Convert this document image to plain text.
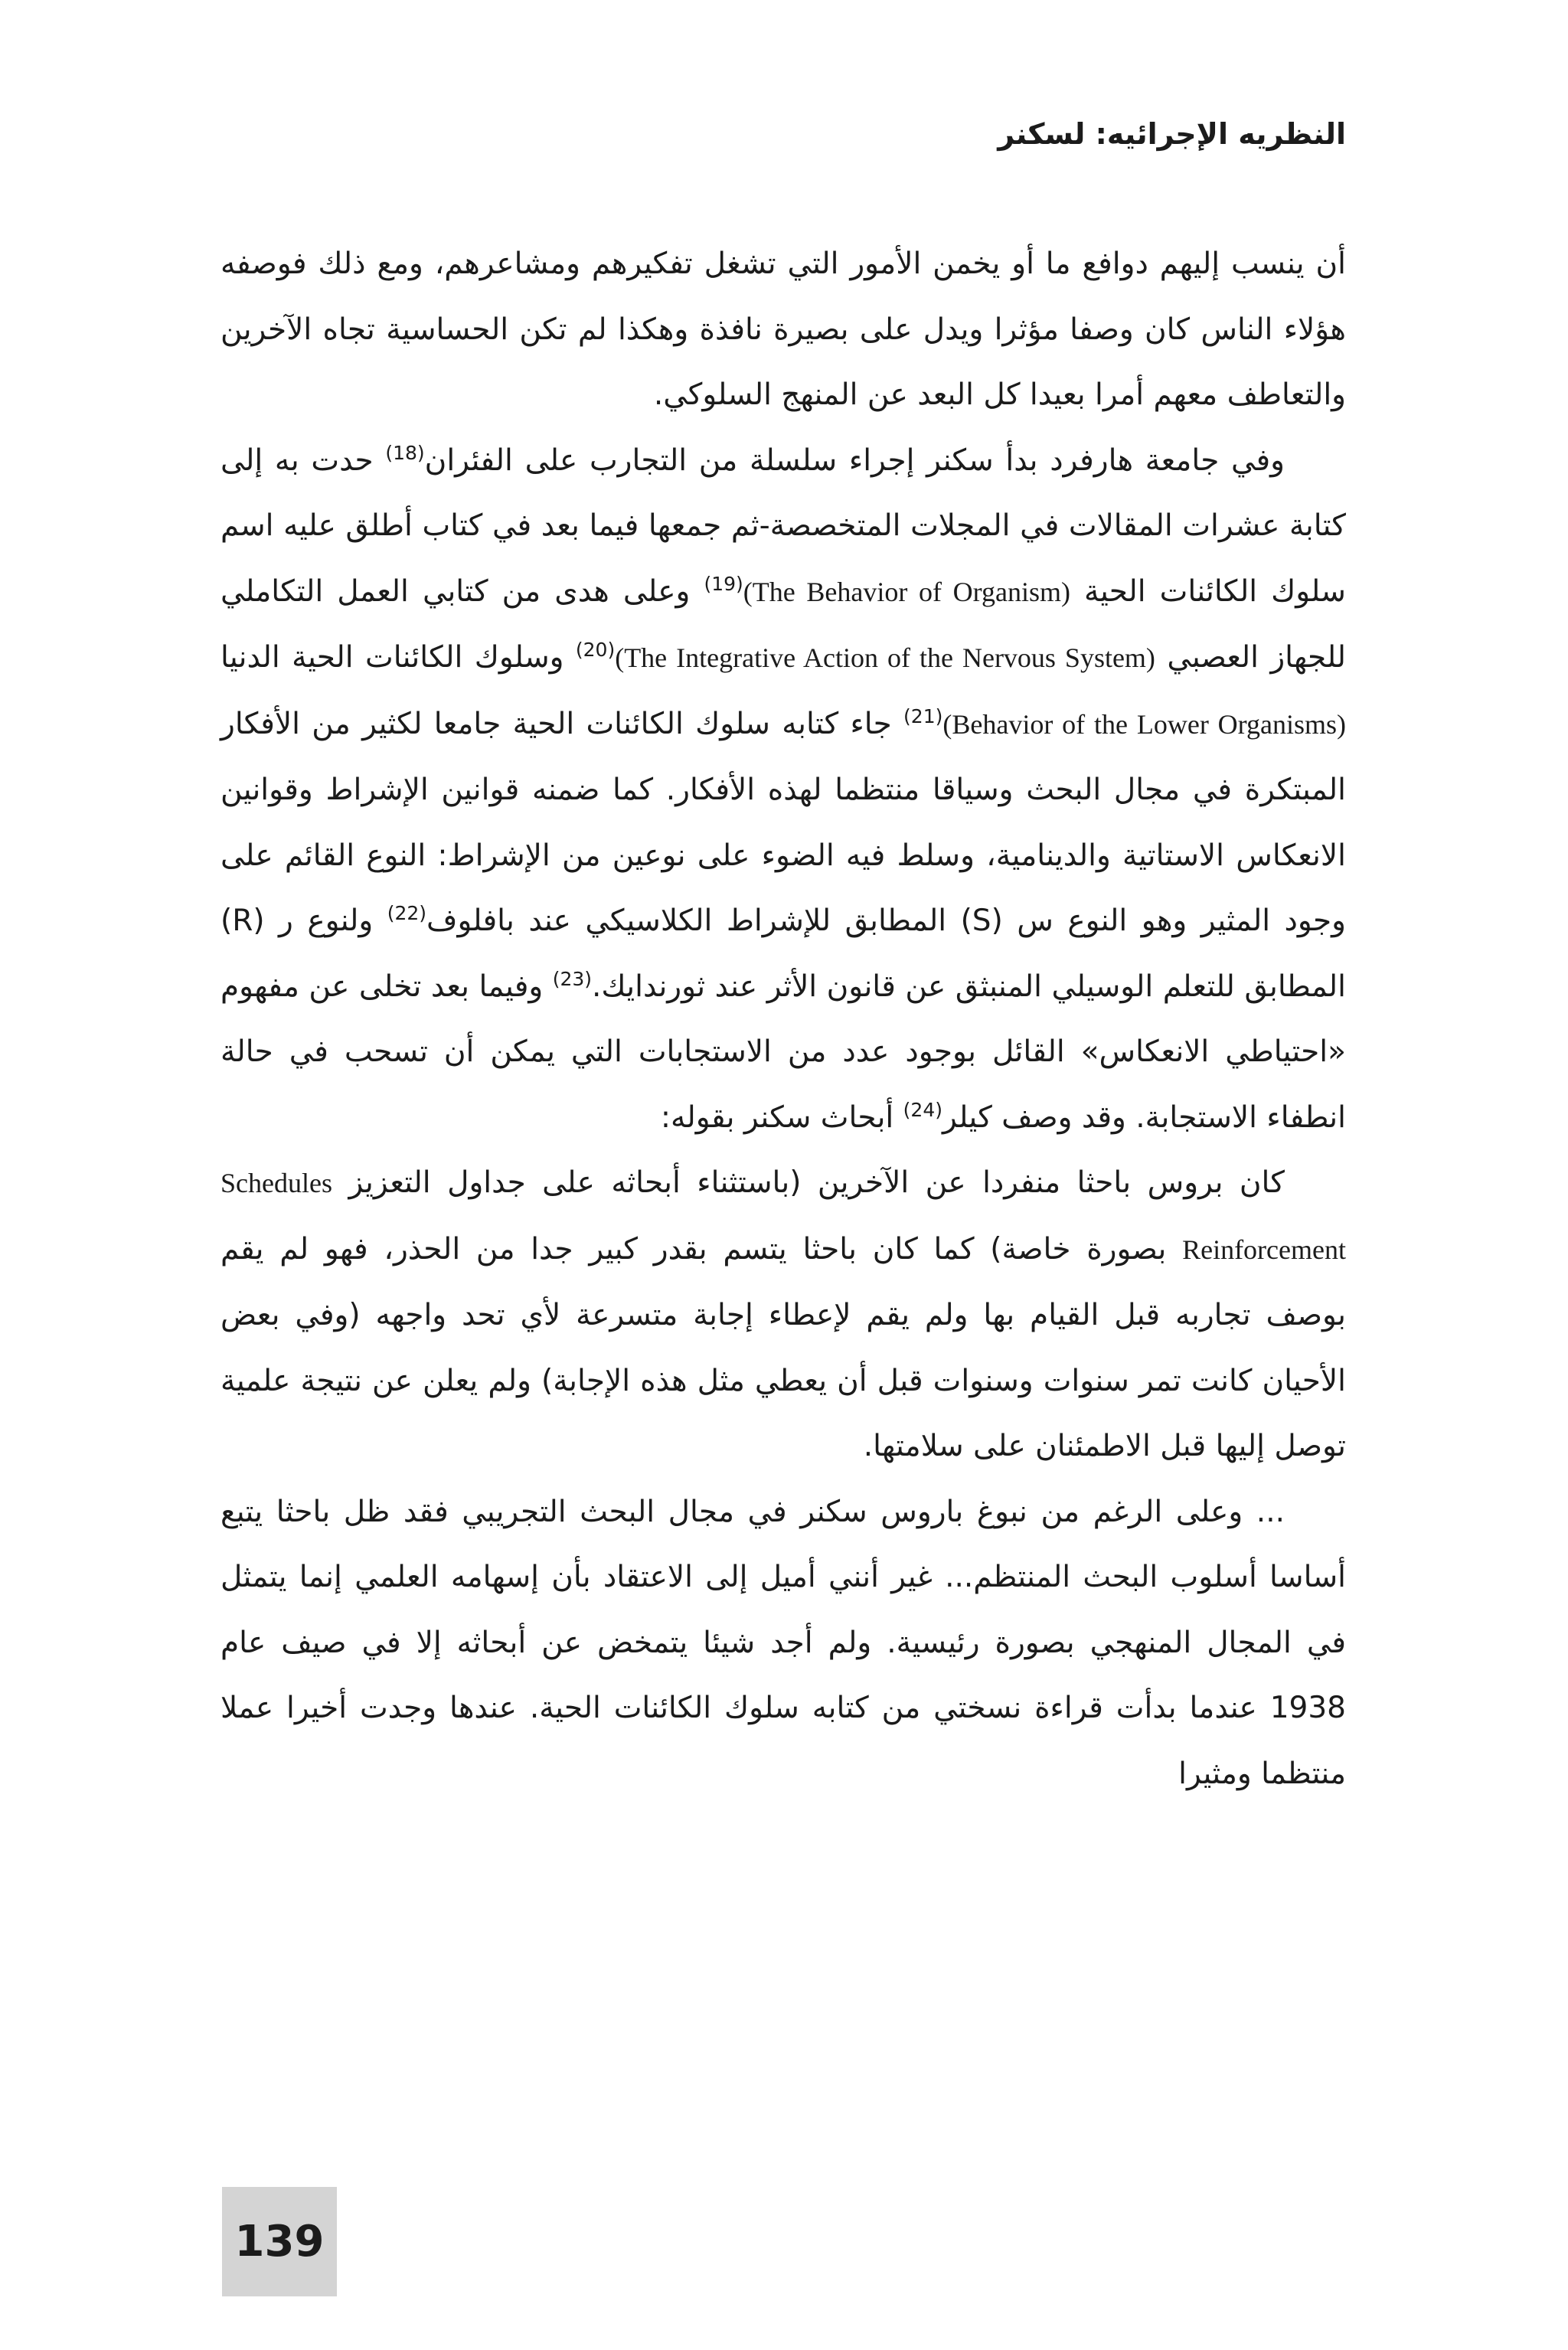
النظريه الإجرائيه: لسكنر

أن ينسب إليهم دوافع ما أو يخمن الأمور التي تشغل تفكيرهم ومشاعرهم، ومع ذلك فوصفه هؤلاء الناس كان وصفا مؤثرا ويدل على بصيرة نافذة وهكذا لم تكن الحساسية تجاه الآخرين والتعاطف معهم أمرا بعيدا كل البعد عن المنهج السلوكي.

وفي جامعة هارفرد بدأ سكنر إجراء سلسلة من التجارب على الفئران$^{(18)}$ حدت به إلى كتابة عشرات المقالات في المجلات المتخصصة-ثم جمعها فيما بعد في كتاب أطلق عليه اسم سلوك الكائنات الحية (The Behavior of Organism)$^{(19)}$ وعلى هدى من كتابي العمل التكاملي للجهاز العصبي (The Integrative Action of the Nervous System)$^{(20)}$ وسلوك الكائنات الحية الدنيا (Behavior of the Lower Organisms)$^{(21)}$ جاء كتابه سلوك الكائنات الحية جامعا لكثير من الأفكار المبتكرة في مجال البحث وسياقا منتظما لهذه الأفكار. كما ضمنه قوانين الإشراط وقوانين الانعكاس الاستاتية والدينامية، وسلط فيه الضوء على نوعين من الإشراط: النوع القائم على وجود المثير وهو النوع س (S) المطابق للإشراط الكلاسيكي عند بافلوف$^{(22)}$ ولنوع ر (R) المطابق للتعلم الوسيلي المنبثق عن قانون الأثر عند ثورندايك.$^{(23)}$ وفيما بعد تخلى عن مفهوم «احتياطي الانعكاس» القائل بوجود عدد من الاستجابات التي يمكن أن تسحب في حالة انطفاء الاستجابة. وقد وصف كيلر$^{(24)}$ أبحاث سكنر بقوله:

كان بروس باحثا منفردا عن الآخرين (باستثناء أبحاثه على جداول التعزيز Schedules Reinforcement بصورة خاصة) كما كان باحثا يتسم بقدر كبير جدا من الحذر، فهو لم يقم بوصف تجاربه قبل القيام بها ولم يقم لإعطاء إجابة متسرعة لأي تحد واجهه (وفي بعض الأحيان كانت تمر سنوات وسنوات قبل أن يعطي مثل هذه الإجابة) ولم يعلن عن نتيجة علمية توصل إليها قبل الاطمئنان على سلامتها.

... وعلى الرغم من نبوغ باروس سكنر في مجال البحث التجريبي فقد ظل باحثا يتبع أساسا أسلوب البحث المنتظم... غير أنني أميل إلى الاعتقاد بأن إسهامه العلمي إنما يتمثل في المجال المنهجي بصورة رئيسية. ولم أجد شيئا يتمخض عن أبحاثه إلا في صيف عام 1938 عندما بدأت قراءة نسختي من كتابه سلوك الكائنات الحية. عندها وجدت أخيرا عملا منتظما ومثيرا

139
